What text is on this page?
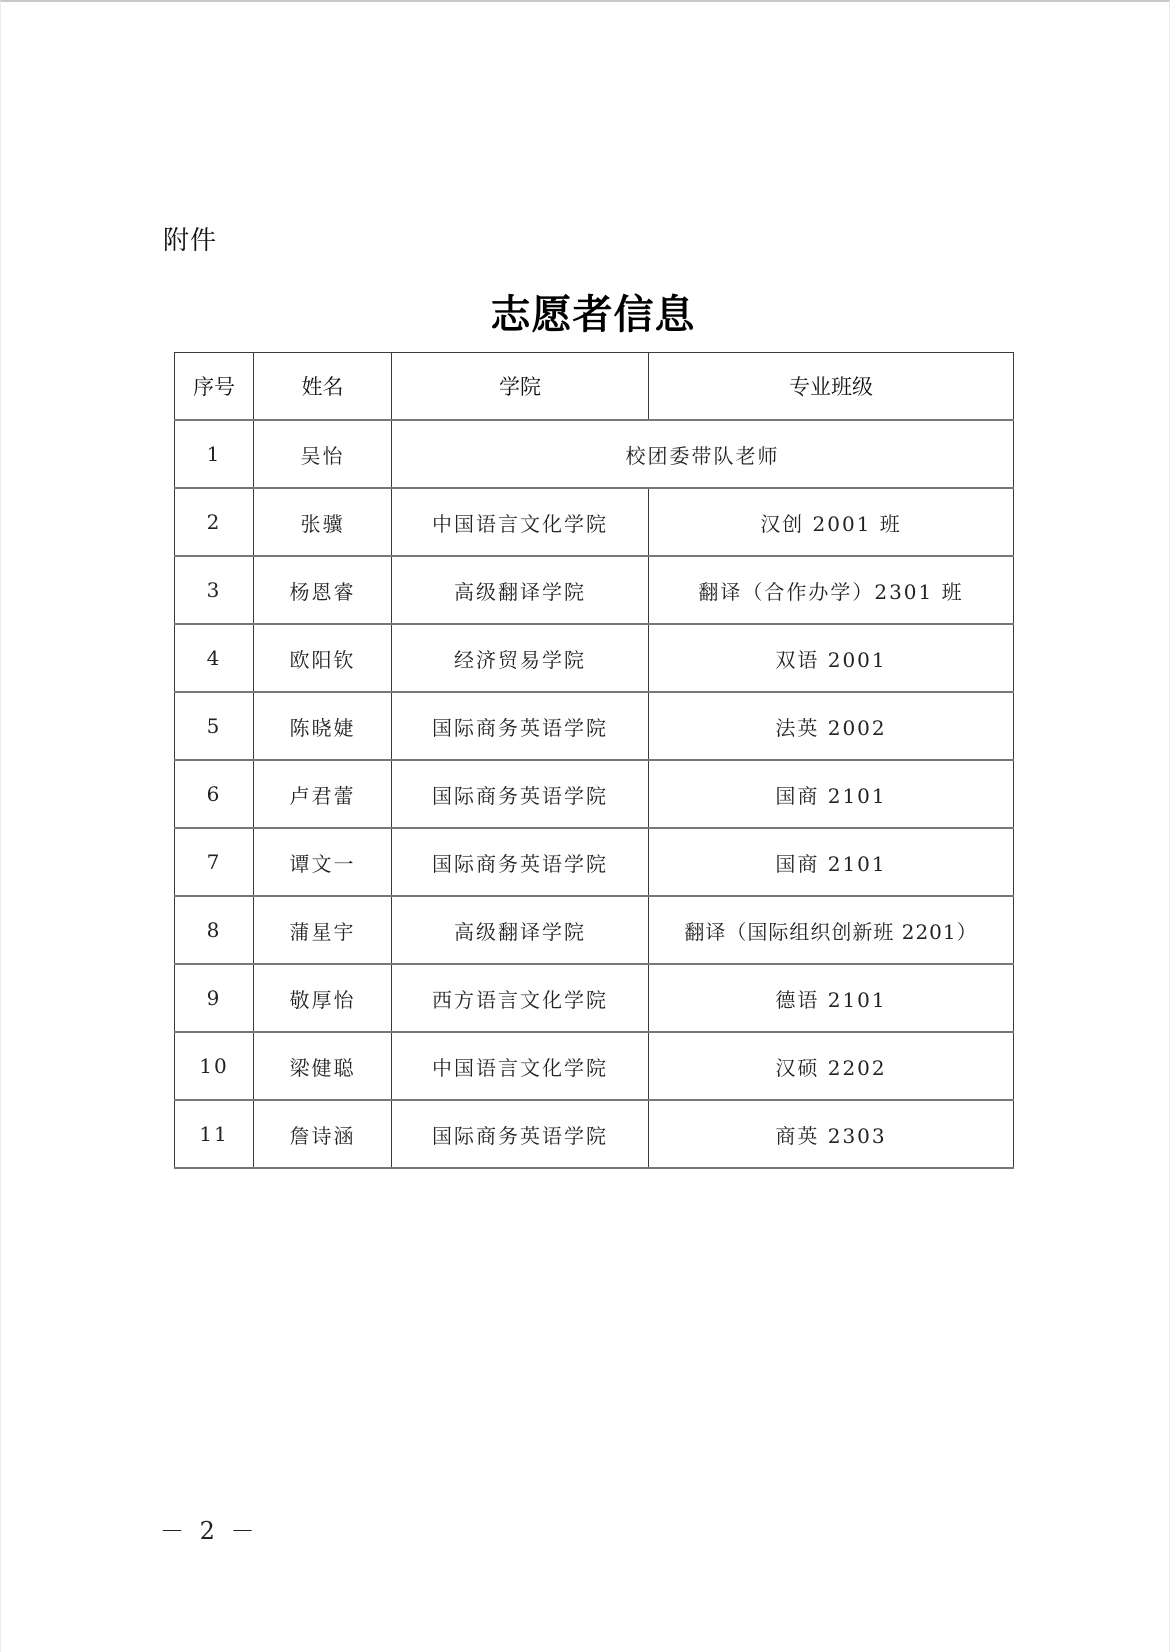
附件
志愿者信息
序号	姓名	学院	专业班级
1	吴怡	校团委带队老师	
2	张骥	中国语言文化学院	汉创 2001 班
3	杨恩睿	高级翻译学院	翻译（合作办学）2301 班
4	欧阳钦	经济贸易学院	双语 2001
5	陈晓婕	国际商务英语学院	法英 2002
6	卢君蕾	国际商务英语学院	国商 2101
7	谭文一	国际商务英语学院	国商 2101
8	蒲星宇	高级翻译学院	翻译（国际组织创新班 2201）
9	敬厚怡	西方语言文化学院	德语 2101
10	梁健聪	中国语言文化学院	汉硕 2202
11	詹诗涵	国际商务英语学院	商英 2303
－ 2 －
